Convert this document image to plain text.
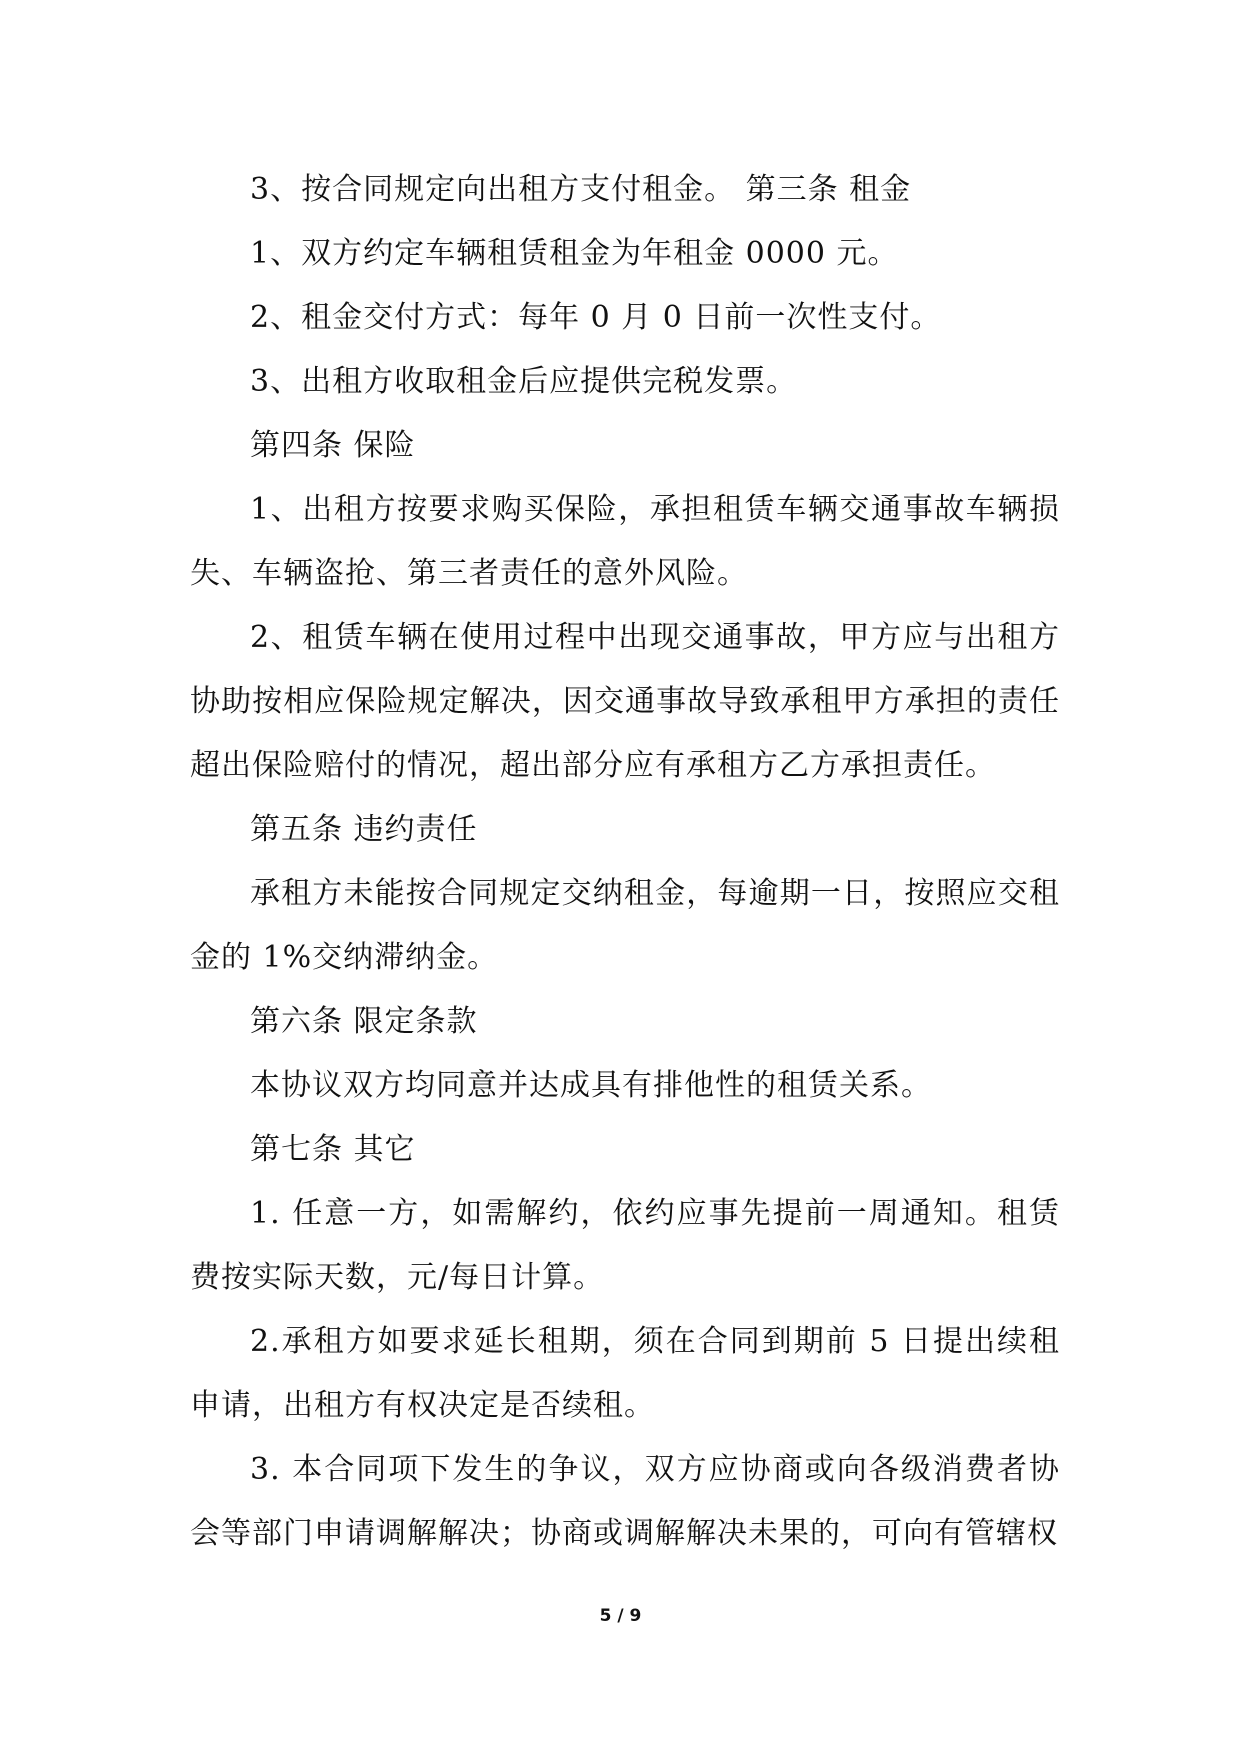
3、按合同规定向出租方支付租金。 第三条 租金

1、双方约定车辆租赁租金为年租金 0000 元。

2、租金交付方式：每年 0 月 0 日前一次性支付。

3、出租方收取租金后应提供完税发票。

第四条 保险

1、出租方按要求购买保险，承担租赁车辆交通事故车辆损失、车辆盗抢、第三者责任的意外风险。

2、租赁车辆在使用过程中出现交通事故，甲方应与出租方协助按相应保险规定解决，因交通事故导致承租甲方承担的责任超出保险赔付的情况，超出部分应有承租方乙方承担责任。

第五条 违约责任

承租方未能按合同规定交纳租金，每逾期一日，按照应交租金的 1%交纳滞纳金。

第六条 限定条款

本协议双方均同意并达成具有排他性的租赁关系。

第七条 其它

1. 任意一方，如需解约，依约应事先提前一周通知。租赁费按实际天数，元/每日计算。

2.承租方如要求延长租期，须在合同到期前 5 日提出续租申请，出租方有权决定是否续租。

3. 本合同项下发生的争议，双方应协商或向各级消费者协会等部门申请调解解决；协商或调解解决未果的，可向有管辖权

5 / 9
